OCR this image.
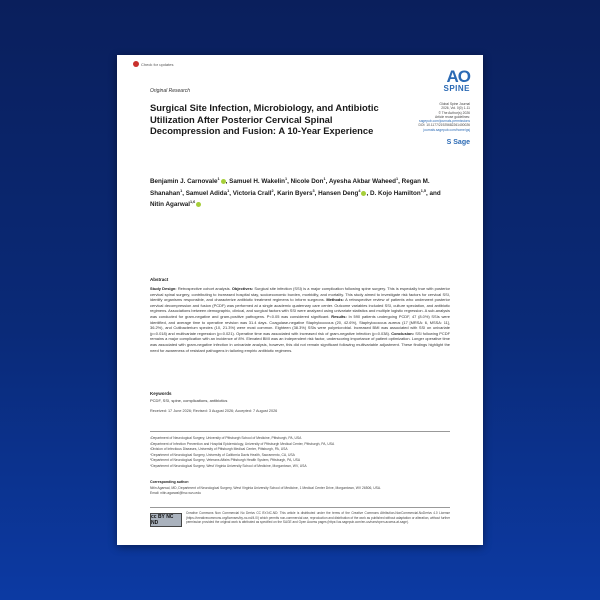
Check for updates
AO
SPINE
Original Research
Global Spine Journal
2026, Vol. 0(0) 1-11
© The Author(s) 2026
Article reuse guidelines:
sagepub.com/journals-permissions
DOI: 10.1177/21925682261400026
journals.sagepub.com/home/gsj
S Sage
Surgical Site Infection, Microbiology, and Antibiotic Utilization After Posterior Cervical Spinal Decompression and Fusion: A 10-Year Experience
Benjamin J. Carnovale$^1$ , Samuel H. Wakelin$^1$, Nicole Don$^1$, Ayesha Akbar Waheed$^1$, Regan M. Shanahan$^1$, Samuel Adida$^1$, Victoria Crall$^2$, Karin Byers$^3$, Hansen Deng$^4$ , D. Kojo Hamilton$^{1,5}$, and Nitin Agarwal$^{1,6}$
Abstract
Study Design: Retrospective cohort analysis. Objectives: Surgical site infection (SSI) is a major complication following spine surgery. This is especially true with posterior cervical spinal surgery, contributing to increased hospital stay, socioeconomic burden, morbidity, and mortality. This study aimed to investigate risk factors for cervical SSI, identify organisms responsible, and characterize antibiotic treatment regimens to inform surgeons. Methods: A retrospective review of patients who underwent posterior cervical decompression and fusion (PCDF) was performed at a single academic quaternary care center. Outcome variables included SSI, culture speciation, and antibiotic regimens. Associations between demographic, clinical, and surgical factors with SSI were analyzed using univariate statistics and multiple logistic regression. A sub-analysis was conducted for gram-negative and gram-positive pathogens. P<0.05 was considered significant. Results: In 590 patients undergoing PCDF, 47 (8.0%) SSIs were identified, and average time to operative revision was 31.4 days. Coagulase-negative Staphylococcus (20, 42.6%), Staphylococcus aureus (17 [MRSA: 6, MSSA: 11], 36.2%), and Cutibacterium species (10, 21.3%) were most common. Eighteen (38.3%) SSIs were polymicrobial. Increased BMI was associated with SSI on univariate (p=0.018) and multivariate regression (p=0.021). Operative time was associated with increased risk of gram-negative infection (p=0.038). Conclusion: SSI following PCDF remains a major complication with an incidence of 8%. Elevated BMI was an independent risk factor, underscoring importance of patient optimization. Longer operative time was associated with gram-negative infection in univariate analysis, however, this did not remain significant following multivariable adjustment. These findings highlight the need for awareness of resistant pathogens in tailoring empiric antibiotic regimens.
Keywords
PCDF, SSI, spine, complications, antibiotics
Received: 17 June 2026; Revised: 3 August 2026; Accepted: 7 August 2026
¹Department of Neurological Surgery, University of Pittsburgh School of Medicine, Pittsburgh, PA, USA
²Department of Infection Prevention and Hospital Epidemiology, University of Pittsburgh Medical Center, Pittsburgh, PA, USA
³Division of Infectious Diseases, University of Pittsburgh Medical Center, Pittsburgh, PA, USA
⁴Department of Neurological Surgery, University of California Davis Health, Sacramento, CA, USA
⁵Department of Neurological Surgery, Veterans Affairs Pittsburgh Health System, Pittsburgh, PA, USA
⁶Department of Neurological Surgery, West Virginia University School of Medicine, Morgantown, WV, USA
Corresponding author:
Nitin Agarwal, MD, Department of Neurological Surgery, West Virginia University School of Medicine, 1 Medical Center Drive, Morgantown, WV 26506, USA.
Email: nitin.agarwal@hsc.wvu.edu
cc BY NC ND
Creative Commons Non Commercial No Derivs CC BY-NC-ND: This article is distributed under the terms of the Creative Commons Attribution-NonCommercial-NoDerivs 4.0 License (https://creativecommons.org/licenses/by-nc-nd/4.0/) which permits non-commercial use, reproduction and distribution of the work as published without adaptation or alteration, without further permission provided the original work is attributed as specified on the SAGE and Open Access pages (https://us.sagepub.com/en-us/nam/open-access-at-sage).
